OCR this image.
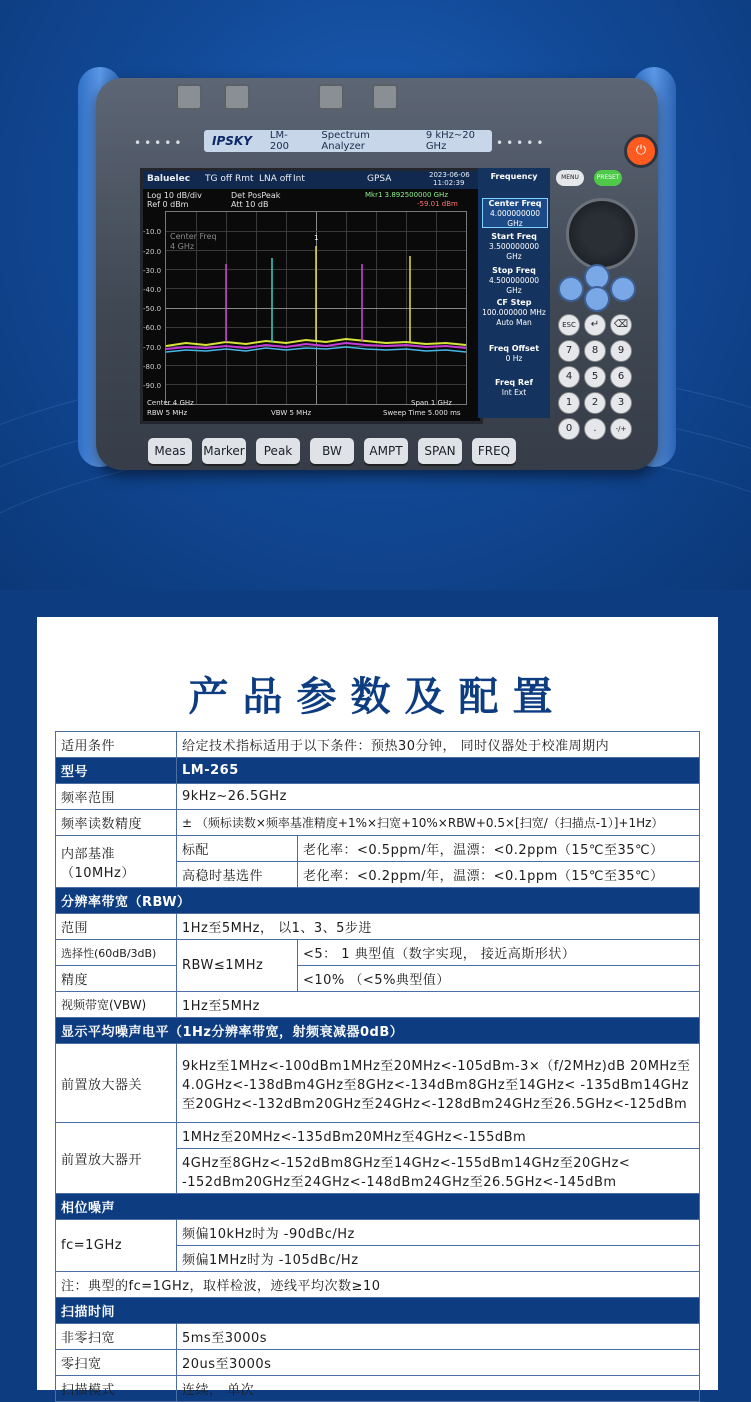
•••••	•••••
IPSKY LM-200
Spectrum Analyzer
9 kHz~20 GHz	⏻
Baluelec TG off Rmt LNA off Int	GPSA	2023-06-06
11:02:39
Log 10 dB/div
Ref 0 dBm
Det PosPeak
Att 10 dB
Mkr1 3.892500000 GHz
-59.01 dBm
1
Center Freq
4 GHz
-10.0
-20.0
-30.0
-40.0
-50.0
-60.0
-70.0
-80.0
-90.0
Center 4 GHz
RBW 5 MHz	VBW 5 MHz
Span 1 GHz
Sweep Time 5.000 ms
Frequency
Center Freq
4.000000000 GHz
Start Freq
3.500000000 GHz
Stop Freq
4.500000000 GHz
CF Step
100.000000 MHz
Auto Man
Freq Offset
0 Hz
Freq Ref
Int Ext
Meas	Marker	Peak	BW	AMPT	SPAN	FREQ
MENU	PRESET
ESC	↵	⌫
7	8	9
4	5	6
1	2	3
0	.	-/+
产品参数及配置
适用条件	给定技术指标适用于以下条件：预热30分钟， 同时仪器处于校准周期内	
型号	LM-265	
频率范围	9kHz~26.5GHz	
频率读数精度	± （频标读数×频率基准精度+1%×扫宽+10%×RBW+0.5×[扫宽/（扫描点-1）]+1Hz）	
内部基准（10MHz）	标配	老化率：<0.5ppm/年，温漂：<0.2ppm（15℃至35℃）
	高稳时基选件	老化率：<0.2ppm/年，温漂：<0.1ppm（15℃至35℃）
分辨率带宽（RBW）		
范围	1Hz至5MHz， 以1、3、5步进	
选择性(60dB/3dB)	RBW≤1MHz	<5： 1 典型值（数字实现， 接近高斯形状）
精度		<10% （<5%典型值）
视频带宽(VBW)	1Hz至5MHz	
显示平均噪声电平（1Hz分辨率带宽，射频衰减器0dB）		
前置放大器关	9kHz至1MHz<-100dBm1MHz至20MHz<-105dBm-3×（f/2MHz)dB 20MHz至4.0GHz<-138dBm4GHz至8GHz<-134dBm8GHz至14GHz< -135dBm14GHz至20GHz<-132dBm20GHz至24GHz<-128dBm24GHz至26.5GHz<-125dBm	
前置放大器开	1MHz至20MHz<-135dBm20MHz至4GHz<-155dBm	
	4GHz至8GHz<-152dBm8GHz至14GHz<-155dBm14GHz至20GHz< -152dBm20GHz至24GHz<-148dBm24GHz至26.5GHz<-145dBm	
相位噪声		
fc=1GHz	频偏10kHz时为 -90dBc/Hz	
	频偏1MHz时为 -105dBc/Hz	
注：典型的fc=1GHz，取样检波，迹线平均次数≥10		
扫描时间		
非零扫宽	5ms至3000s	
零扫宽	20us至3000s	
扫描模式	连续， 单次	
